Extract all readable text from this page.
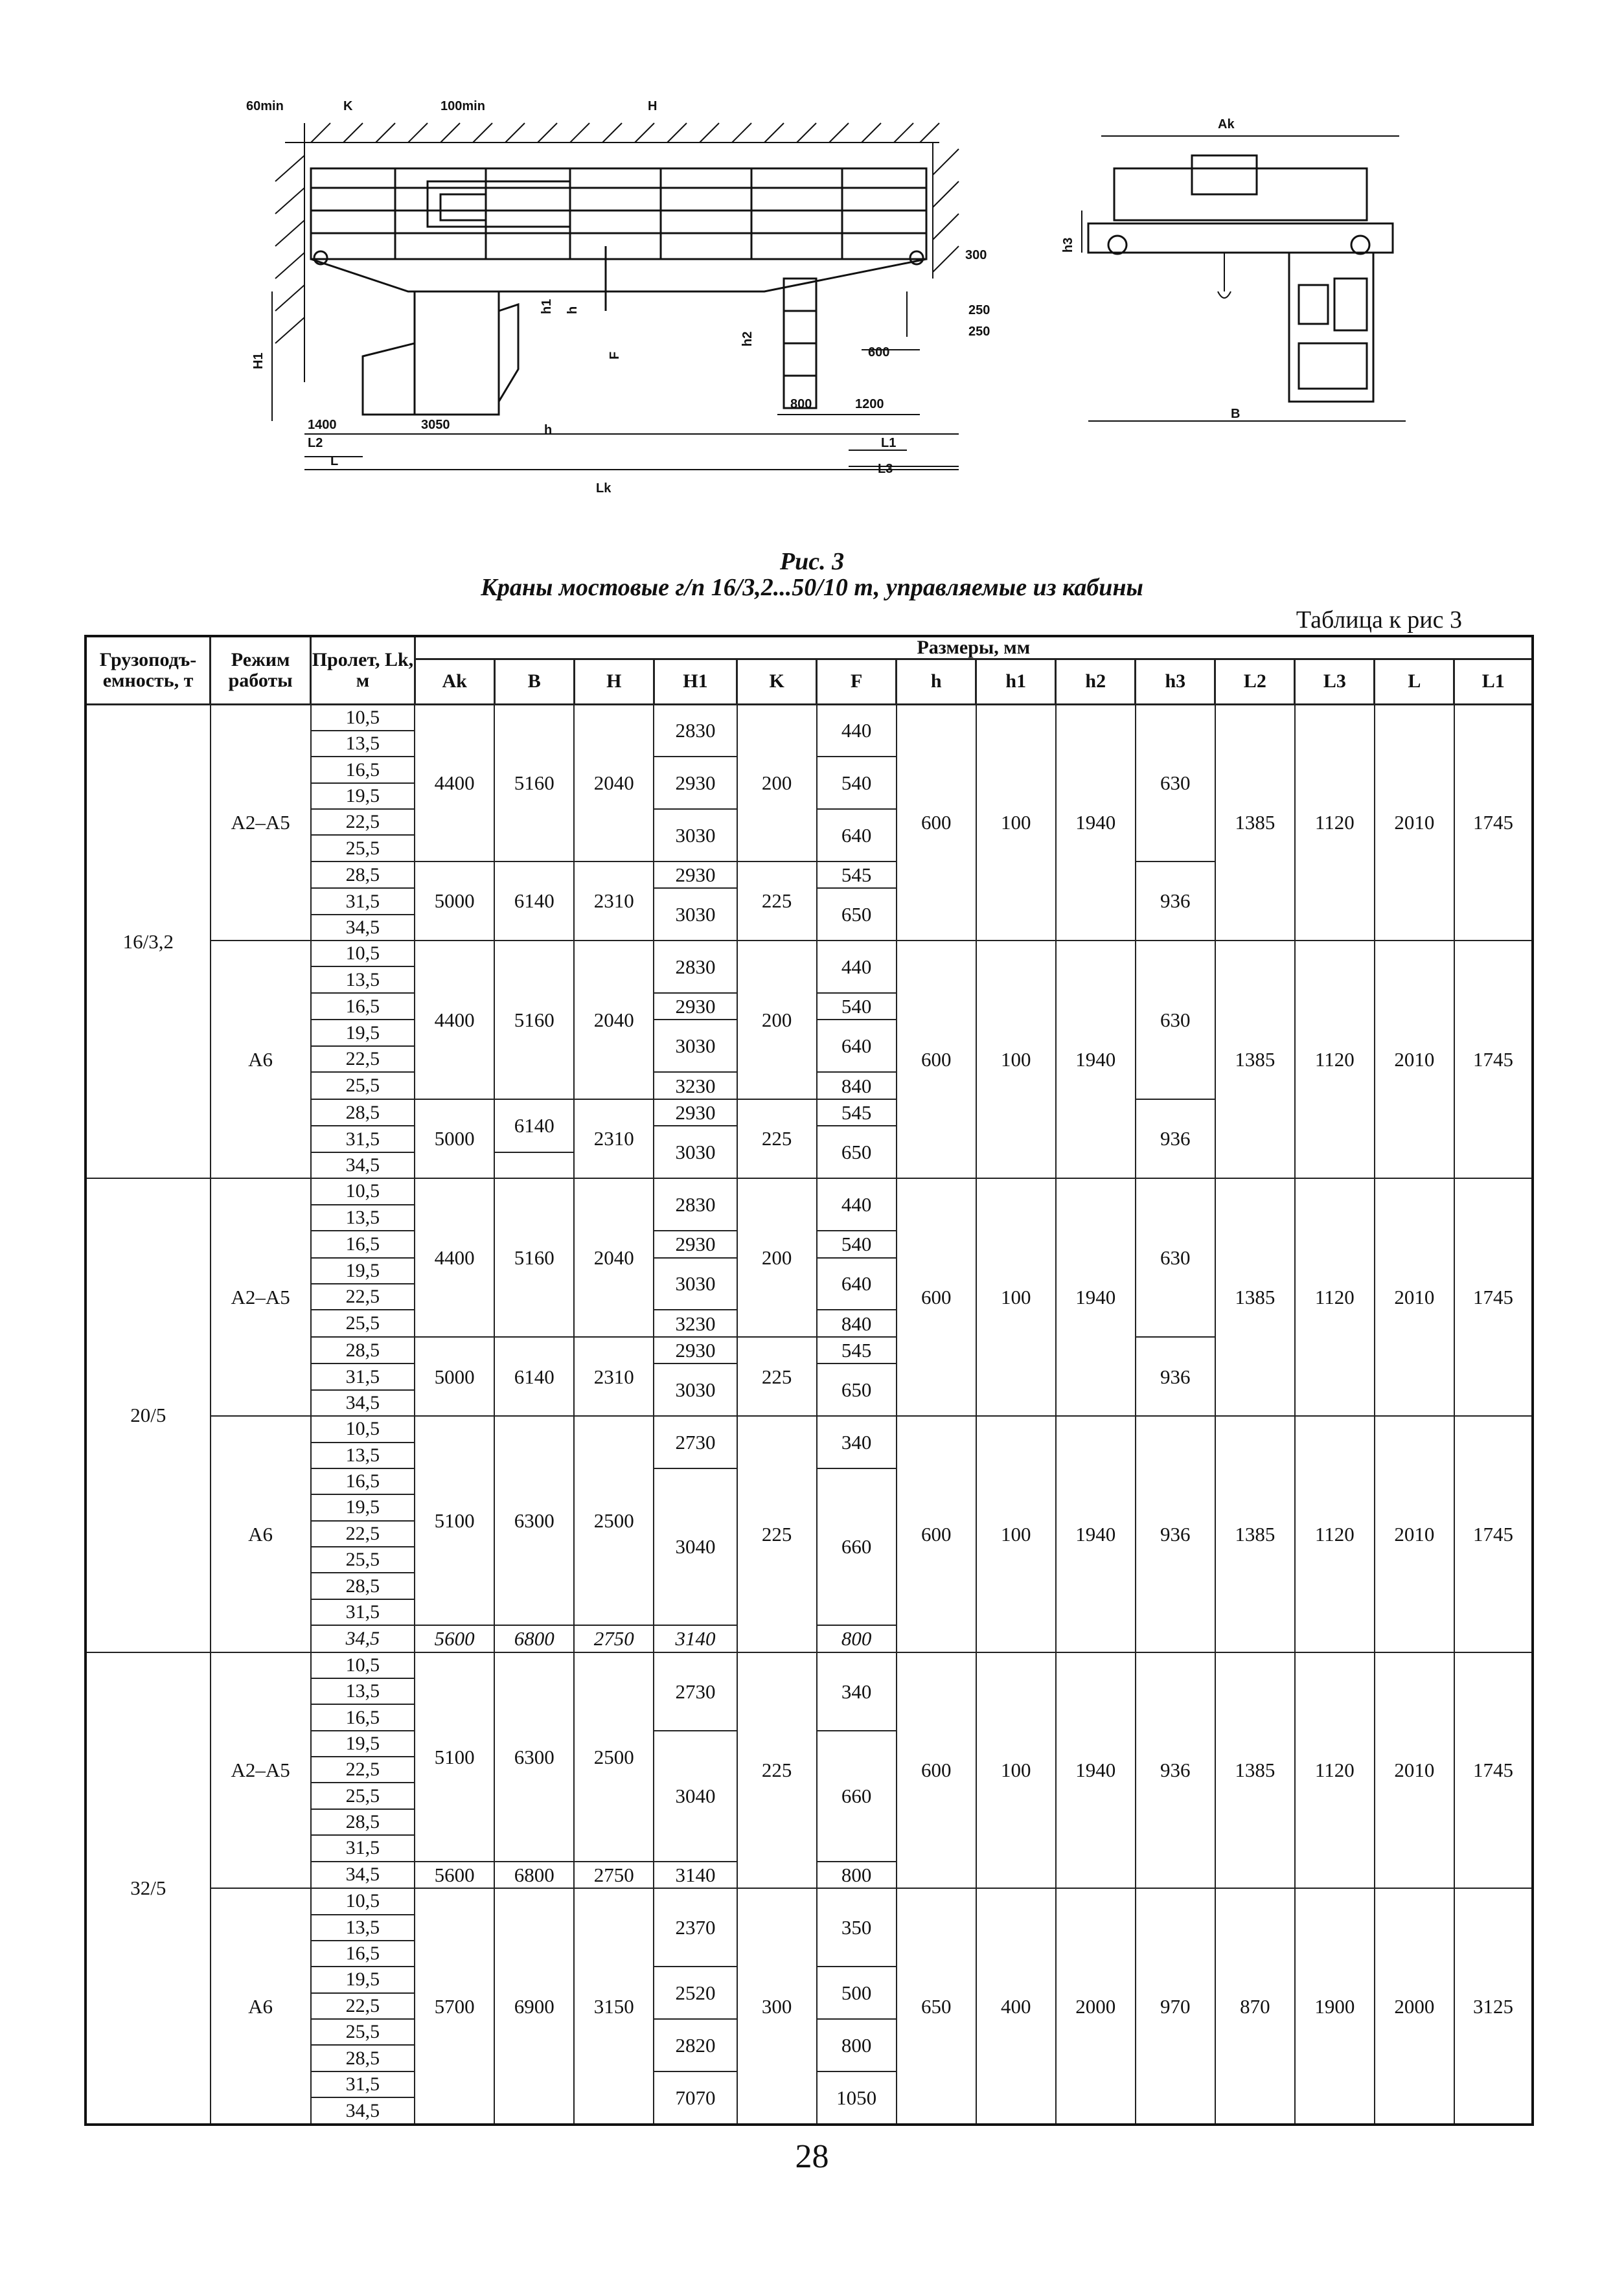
60min	K	100min	H
H1
h1 h
F
h2
300
250
250
600
800	1200
1400	3050
L2
L
h
Lk
L1
L3
Ak
h3
B
Рис. 3
Краны мостовые г/п 16/3,2...50/10 т, управляемые из кабины
Таблица к рис 3
Грузоподъ-емность, т	Режим работы	Пролет, Lk, м	Размеры, мм													
			Ak	B	H	H1	K	F	h	h1	h2	h3	L2	L3	L	L1
16/3,2	А2–А5	10,5	4400	5160	2040	2830	200	440	600	100	1940	630	1385	1120	2010	1745
		13,5														
		16,5				2930		540								
		19,5														
		22,5				3030		640								
		25,5														
		28,5	5000	6140	2310	2930	225	545				936				
		31,5				3030		650								
		34,5														
	А6	10,5	4400	5160	2040	2830	200	440	600	100	1940	630	1385	1120	2010	1745
		13,5														
		16,5				2930		540								
		19,5				3030		640								
		22,5														
		25,5				3230		840								
		28,5	5000	6140	2310	2930	225	545				936				
		31,5				3030		650								
		34,5														
20/5	А2–А5	10,5	4400	5160	2040	2830	200	440	600	100	1940	630	1385	1120	2010	1745
		13,5														
		16,5				2930		540								
		19,5				3030		640								
		22,5														
		25,5				3230		840								
		28,5	5000	6140	2310	2930	225	545				936				
		31,5				3030		650								
		34,5														
	А6	10,5	5100	6300	2500	2730	225	340	600	100	1940	936	1385	1120	2010	1745
		13,5														
		16,5				3040		660								
		19,5														
		22,5														
		25,5														
		28,5														
		31,5														
		34,5	5600	6800	2750	3140		800								
32/5	А2–А5	10,5	5100	6300	2500	2730	225	340	600	100	1940	936	1385	1120	2010	1745
		13,5														
		16,5														
		19,5				3040		660								
		22,5														
		25,5														
		28,5														
		31,5														
		34,5	5600	6800	2750	3140		800								
	А6	10,5	5700	6900	3150	2370	300	350	650	400	2000	970	870	1900	2000	3125
		13,5														
		16,5														
		19,5				2520		500								
		22,5														
		25,5				2820		800								
		28,5														
		31,5				7070		1050								
		34,5														
28
